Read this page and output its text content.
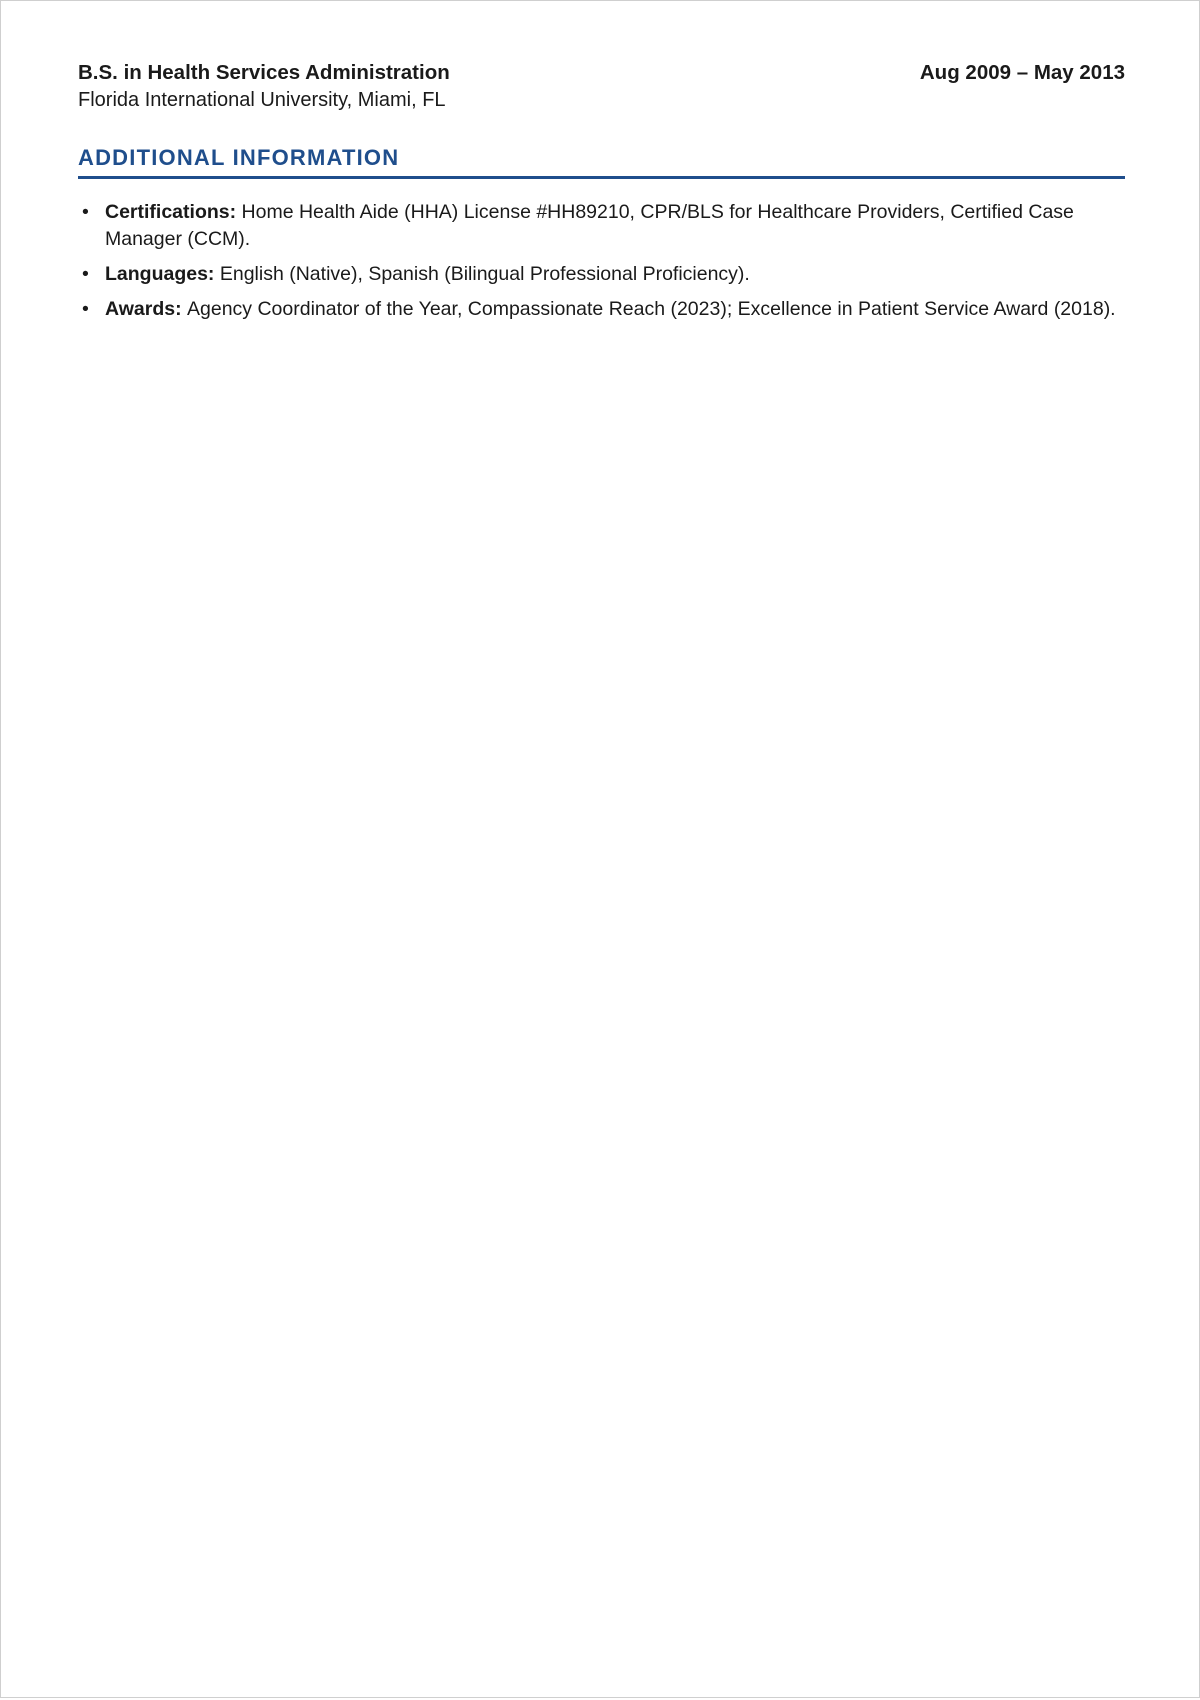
B.S. in Health Services Administration	Aug 2009 – May 2013
Florida International University, Miami, FL
ADDITIONAL INFORMATION
• Certifications: Home Health Aide (HHA) License #HH89210, CPR/BLS for Healthcare Providers, Certified Case Manager (CCM).
• Languages: English (Native), Spanish (Bilingual Professional Proficiency).
• Awards: Agency Coordinator of the Year, Compassionate Reach (2023); Excellence in Patient Service Award (2018).
